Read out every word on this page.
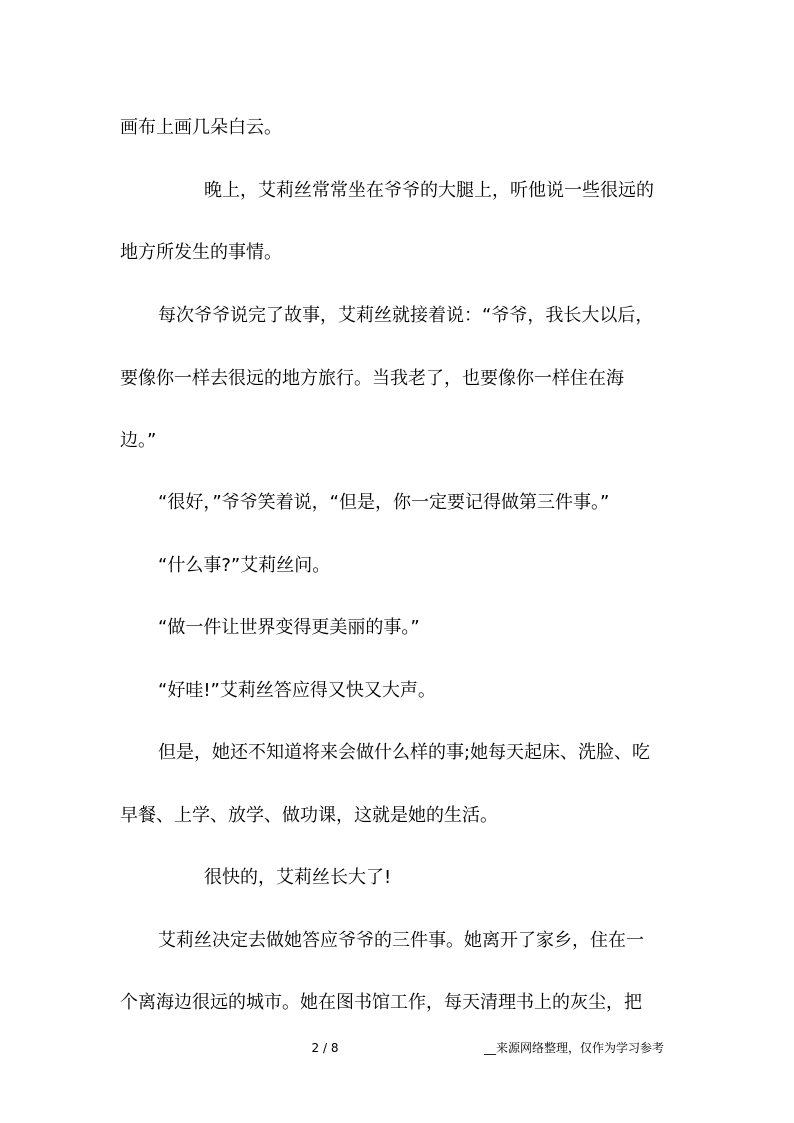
画布上画几朵白云。
晚上，艾莉丝常常坐在爷爷的大腿上，听他说一些很远的
地方所发生的事情。
每次爷爷说完了故事，艾莉丝就接着说：“爷爷，我长大以后，
要像你一样去很远的地方旅行。当我老了，也要像你一样住在海
边。”
“很好，”爷爷笑着说，“但是，你一定要记得做第三件事。”
“什么事?”艾莉丝问。
“做一件让世界变得更美丽的事。”
“好哇!”艾莉丝答应得又快又大声。
但是，她还不知道将来会做什么样的事;她每天起床、洗脸、吃
早餐、上学、放学、做功课，这就是她的生活。
很快的，艾莉丝长大了!
艾莉丝决定去做她答应爷爷的三件事。她离开了家乡，住在一
个离海边很远的城市。她在图书馆工作，每天清理书上的灰尘，把
2 / 8	__来源网络整理，仅作为学习参考
